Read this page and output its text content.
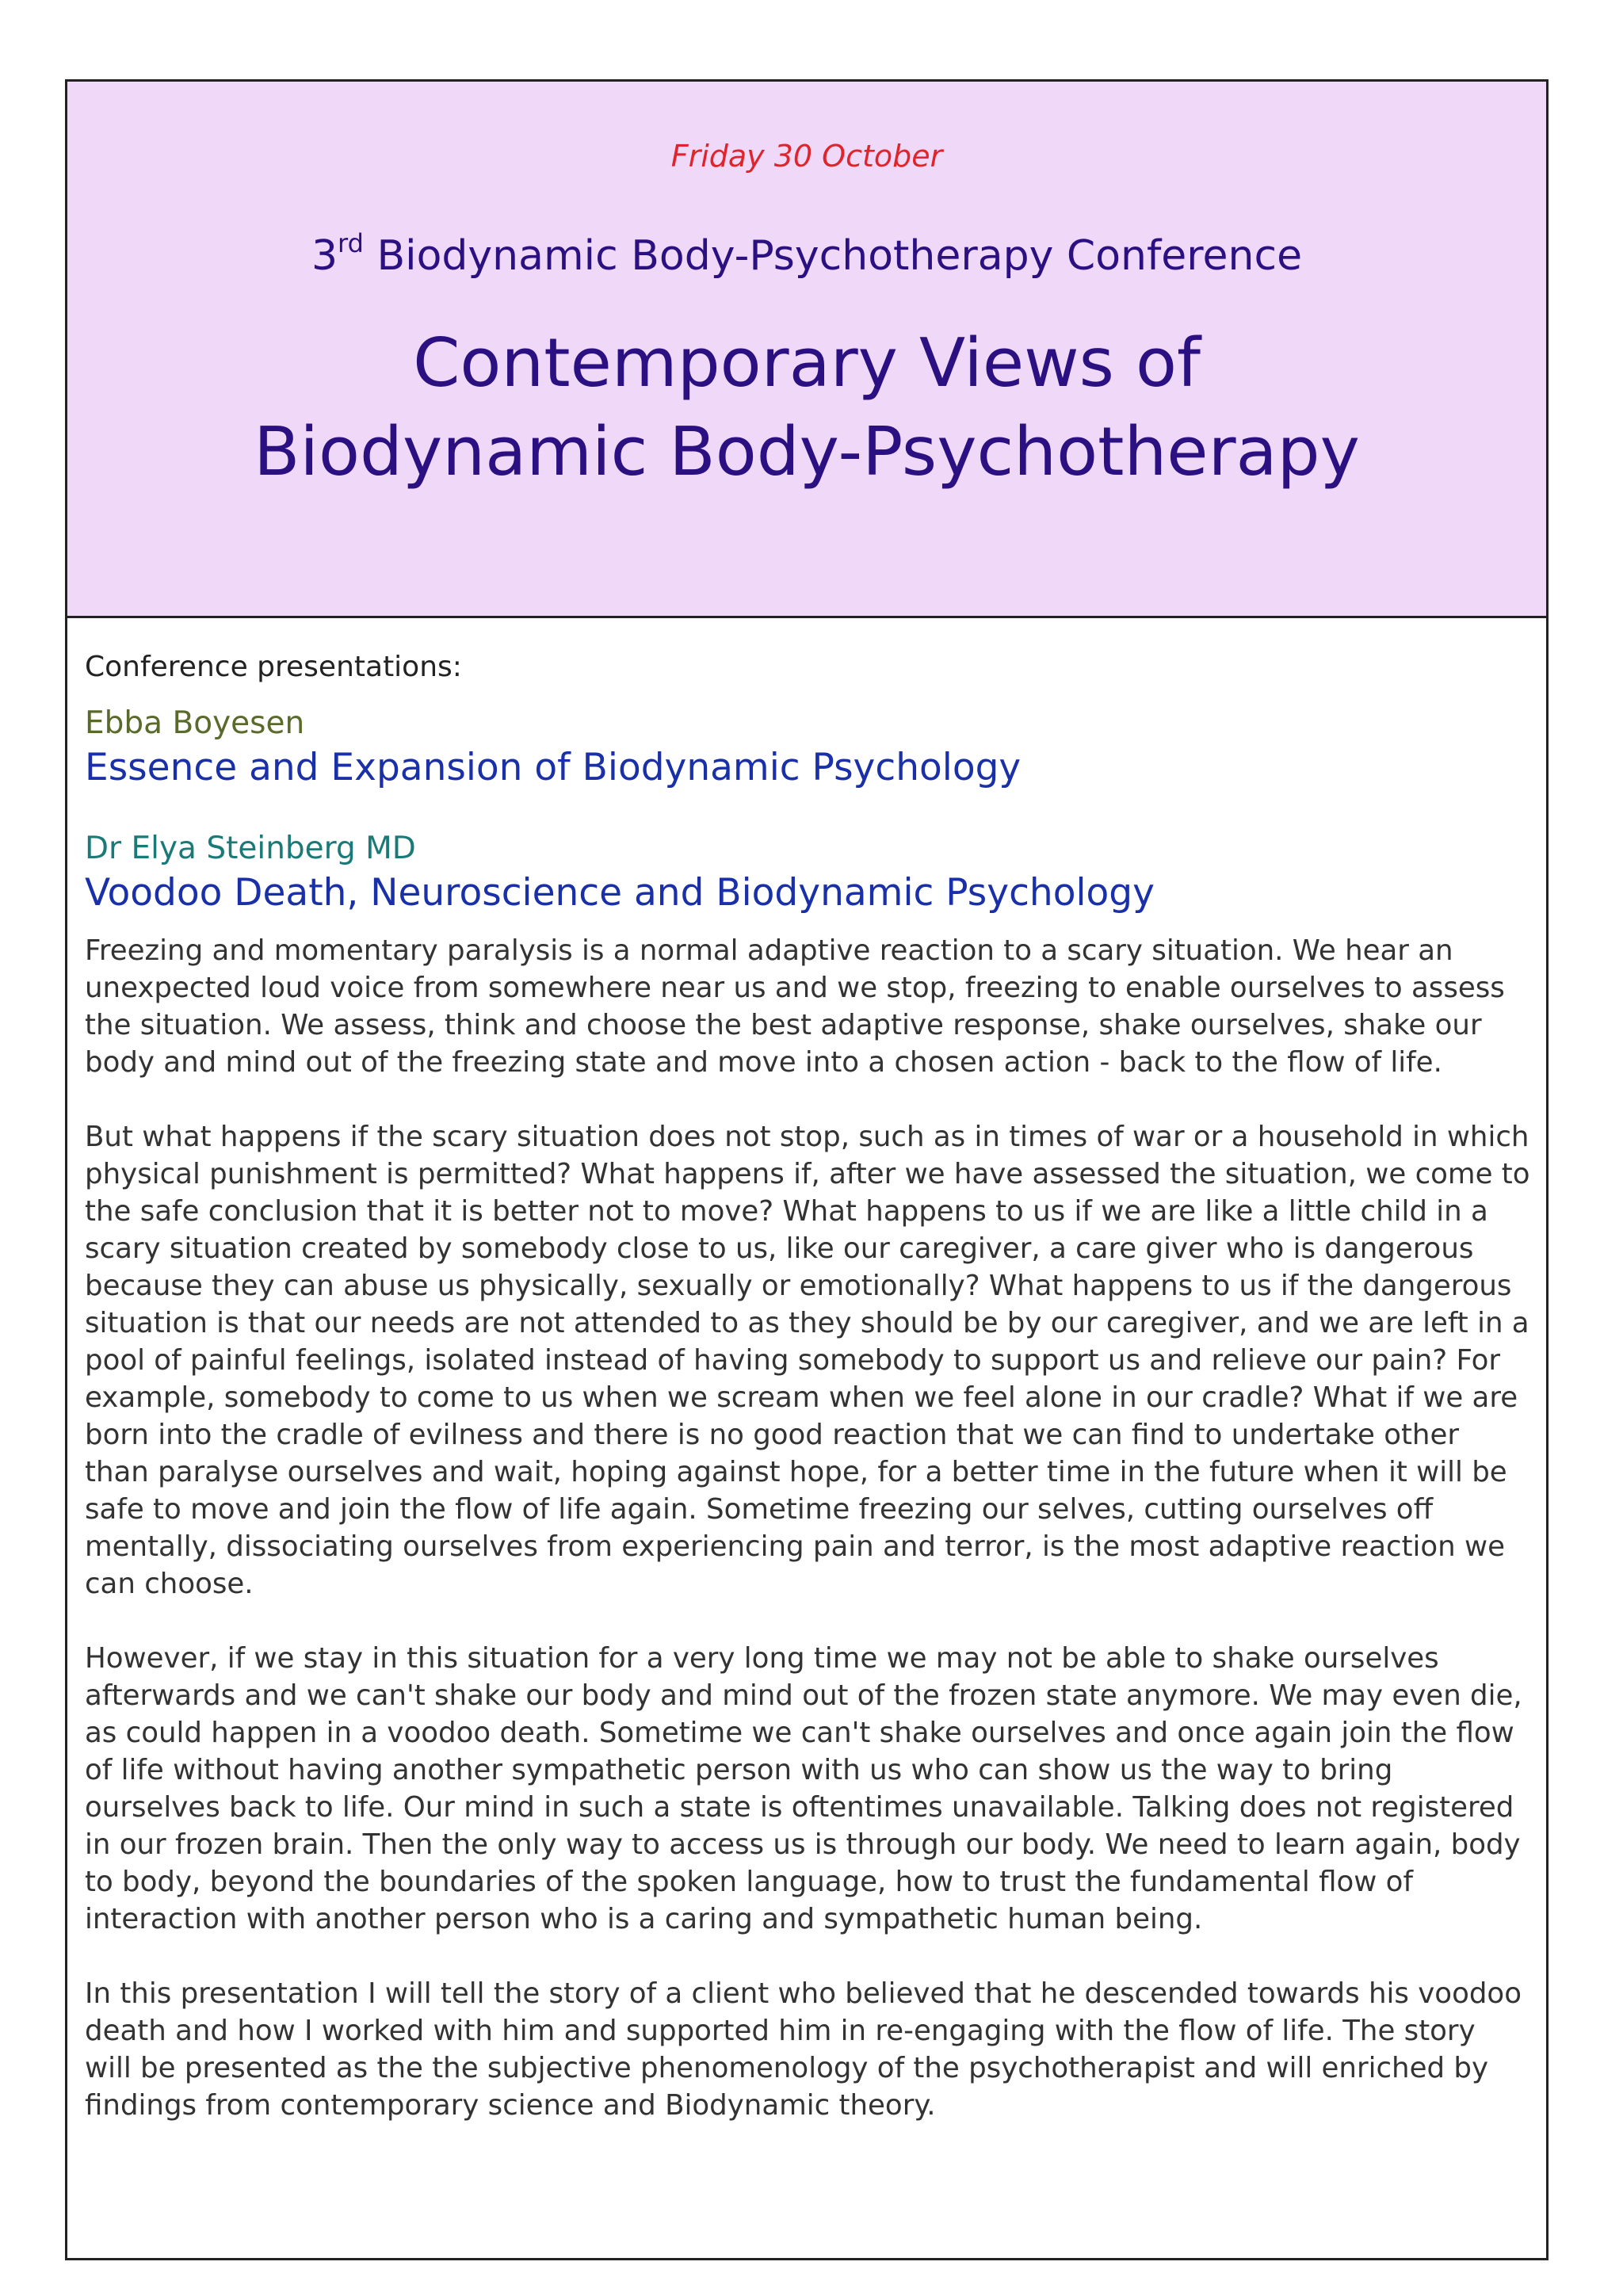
Friday 30 October
3rd Biodynamic Body-Psychotherapy Conference
Contemporary Views of
Biodynamic Body-Psychotherapy
Conference presentations:
Ebba Boyesen
Essence and Expansion of Biodynamic Psychology
Dr Elya Steinberg MD
Voodoo Death, Neuroscience and Biodynamic Psychology

Freezing and momentary paralysis is a normal adaptive reaction to a scary situation. We hear an unexpected loud voice from somewhere near us and we stop, freezing to enable ourselves to assess the situation. We assess, think and choose the best adaptive response, shake ourselves, shake our body and mind out of the freezing state and move into a chosen action - back to the flow of life.

But what happens if the scary situation does not stop, such as in times of war or a household in which physical punishment is permitted? What happens if, after we have assessed the situation, we come to the safe conclusion that it is better not to move? What happens to us if we are like a little child in a scary situation created by somebody close to us, like our caregiver, a care giver who is dangerous because they can abuse us physically, sexually or emotionally? What happens to us if the dangerous situation is that our needs are not attended to as they should be by our caregiver, and we are left in a pool of painful feelings, isolated instead of having somebody to support us and relieve our pain? For example, somebody to come to us when we scream when we feel alone in our cradle? What if we are born into the cradle of evilness and there is no good reaction that we can find to undertake other than paralyse ourselves and wait, hoping against hope, for a better time in the future when it will be safe to move and join the flow of life again. Sometime freezing our selves, cutting ourselves off mentally, dissociating ourselves from experiencing pain and terror, is the most adaptive reaction we can choose.

However, if we stay in this situation for a very long time we may not be able to shake ourselves afterwards and we can't shake our body and mind out of the frozen state anymore. We may even die, as could happen in a voodoo death. Sometime we can't shake ourselves and once again join the flow of life without having another sympathetic person with us who can show us the way to bring ourselves back to life. Our mind in such a state is oftentimes unavailable. Talking does not registered in our frozen brain. Then the only way to access us is through our body. We need to learn again, body to body, beyond the boundaries of the spoken language, how to trust the fundamental flow of interaction with another person who is a caring and sympathetic human being.

In this presentation I will tell the story of a client who believed that he descended towards his voodoo death and how I worked with him and supported him in re-engaging with the flow of life. The story will be presented as the the subjective phenomenology of the psychotherapist and will enriched by findings from contemporary science and Biodynamic theory.
